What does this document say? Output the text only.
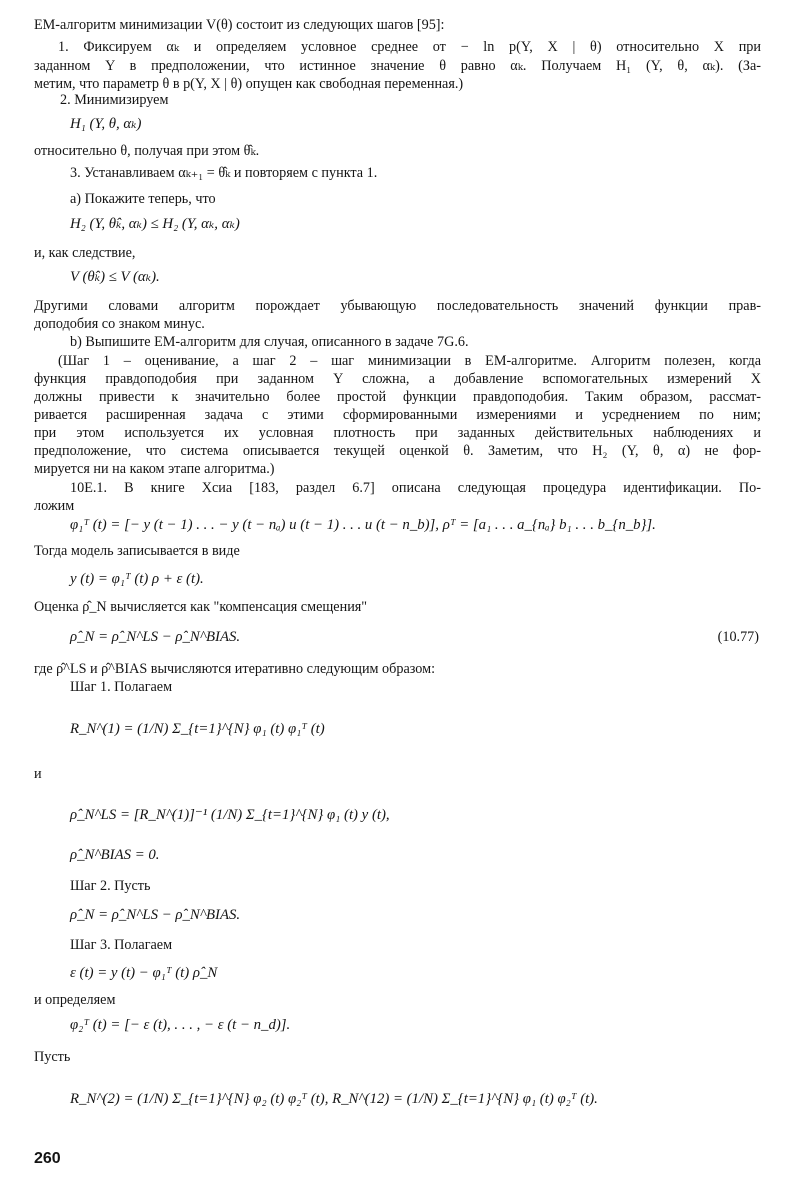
ЕМ-алгоритм минимизации V(θ) состоит из следующих шагов [95]:
1. Фиксируем αₖ и определяем условное среднее от − ln p(Y, X | θ) относительно X при
заданном Y в предположении, что истинное значение θ равно αₖ. Получаем H₁ (Y, θ, αₖ). (За-
метим, что параметр θ в p(Y, X | θ) опущен как свободная переменная.)
2. Минимизируем
H₁ (Y, θ, αₖ)
относительно θ, получая при этом θ̂ₖ.
3. Устанавливаем αₖ₊₁ = θ̂ₖ и повторяем с пункта 1.
a) Покажите теперь, что
H₂ (Y, θ̂ₖ, αₖ) ≤ H₂ (Y, αₖ, αₖ)
и, как следствие,
V (θ̂ₖ) ≤ V (αₖ).
Другими словами алгоритм порождает убывающую последовательность значений функции прав-
доподобия со знаком минус.
b) Выпишите ЕМ-алгоритм для случая, описанного в задаче 7G.6.
(Шаг 1 – оценивание, а шаг 2 – шаг минимизации в ЕМ-алгоритме. Алгоритм полезен, когда
функция правдоподобия при заданном Y сложна, а добавление вспомогательных измерений X
должны привести к значительно более простой функции правдоподобия. Таким образом, рассмат-
ривается расширенная задача с этими сформированными измерениями и усреднением по ним;
при этом используется их условная плотность при заданных действительных наблюдениях и
предположение, что система описывается текущей оценкой θ. Заметим, что H₂ (Y, θ, α) не фор-
мируется ни на каком этапе алгоритма.)
10E.1. В книге Хсиа [183, раздел 6.7] описана следующая процедура идентификации. По-
ложим
φ₁ᵀ (t) = [− y (t − 1) . . . − y (t − nₐ) u (t − 1) . . . u (t − n_b)], ρᵀ = [a₁ . . . a_{nₐ} b₁ . . . b_{n_b}].
Тогда модель записывается в виде
y (t) = φ₁ᵀ (t) ρ + ε (t).
Оценка ρ̂_N вычисляется как "компенсация смещения"
ρ̂_N = ρ̂_N^LS − ρ̂_N^BIAS.
где ρ̂^LS и ρ̂^BIAS вычисляются итеративно следующим образом:
Шаг 1. Полагаем
R_N^(1) = (1/N) Σ_{t=1}^{N} φ₁ (t) φ₁ᵀ (t)
и
ρ̂_N^LS = [R_N^(1)]⁻¹ (1/N) Σ_{t=1}^{N} φ₁ (t) y (t),
ρ̂_N^BIAS = 0.
Шаг 2. Пусть
ρ̂_N = ρ̂_N^LS − ρ̂_N^BIAS.
Шаг 3. Полагаем
ε (t) = y (t) − φ₁ᵀ (t) ρ̂_N
и определяем
φ₂ᵀ (t) = [− ε (t), . . . , − ε (t − n_d)].
Пусть
R_N^(2) = (1/N) Σ_{t=1}^{N} φ₂ (t) φ₂ᵀ (t), R_N^(12) = (1/N) Σ_{t=1}^{N} φ₁ (t) φ₂ᵀ (t).
(10.77)
260
